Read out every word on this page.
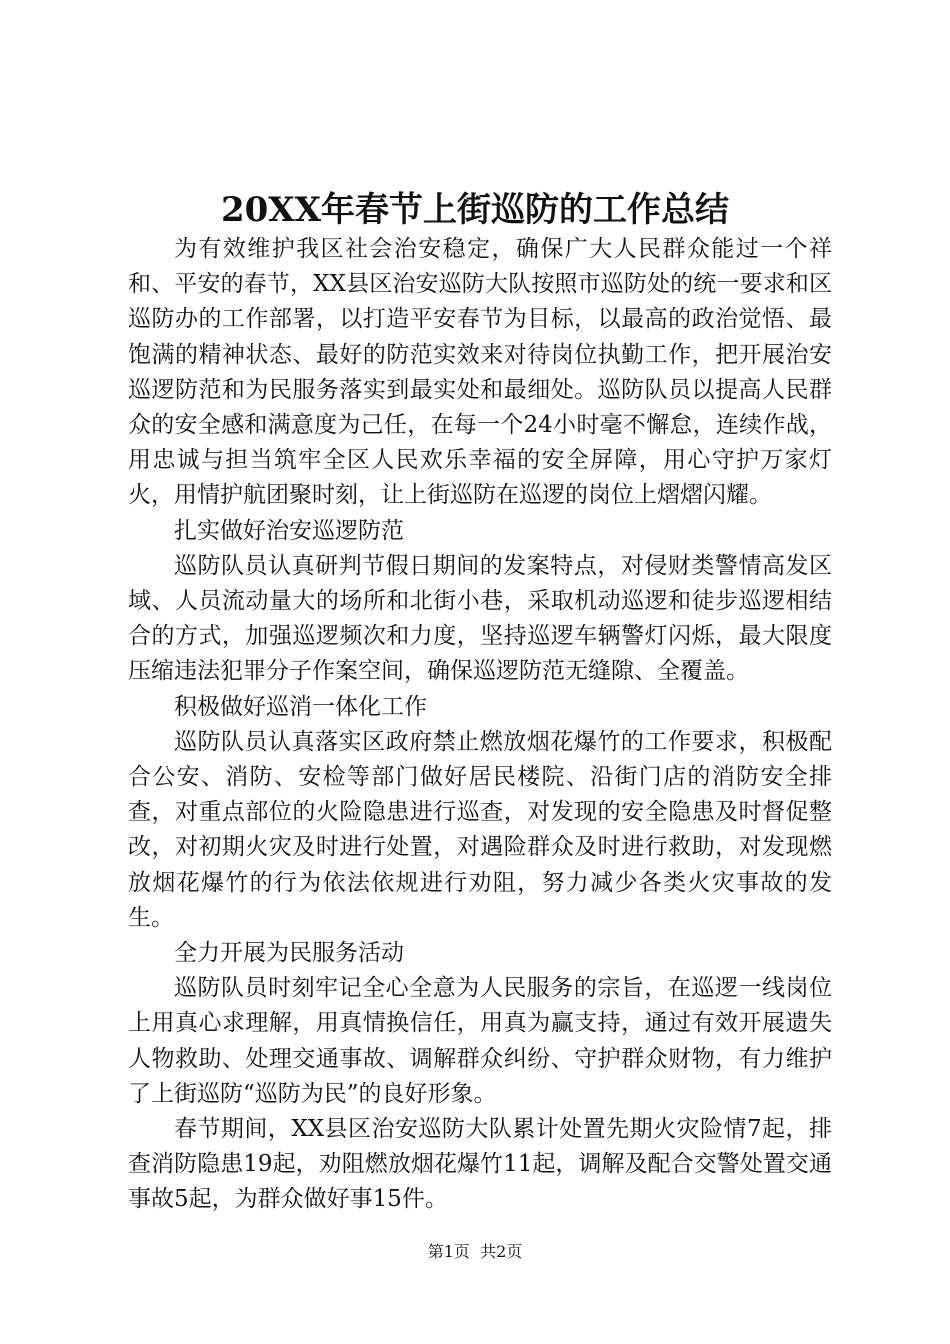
20XX年春节上街巡防的工作总结

为有效维护我区社会治安稳定，确保广大人民群众能过一个祥和、平安的春节，XX县区治安巡防大队按照市巡防处的统一要求和区巡防办的工作部署，以打造平安春节为目标，以最高的政治觉悟、最饱满的精神状态、最好的防范实效来对待岗位执勤工作，把开展治安巡逻防范和为民服务落实到最实处和最细处。巡防队员以提高人民群众的安全感和满意度为己任，在每一个24小时毫不懈怠，连续作战，用忠诚与担当筑牢全区人民欢乐幸福的安全屏障，用心守护万家灯火，用情护航团聚时刻，让上街巡防在巡逻的岗位上熠熠闪耀。

扎实做好治安巡逻防范

巡防队员认真研判节假日期间的发案特点，对侵财类警情高发区域、人员流动量大的场所和北街小巷，采取机动巡逻和徒步巡逻相结合的方式，加强巡逻频次和力度，坚持巡逻车辆警灯闪烁，最大限度压缩违法犯罪分子作案空间，确保巡逻防范无缝隙、全覆盖。

积极做好巡消一体化工作

巡防队员认真落实区政府禁止燃放烟花爆竹的工作要求，积极配合公安、消防、安检等部门做好居民楼院、沿街门店的消防安全排查，对重点部位的火险隐患进行巡查，对发现的安全隐患及时督促整改，对初期火灾及时进行处置，对遇险群众及时进行救助，对发现燃放烟花爆竹的行为依法依规进行劝阻，努力减少各类火灾事故的发生。

全力开展为民服务活动

巡防队员时刻牢记全心全意为人民服务的宗旨，在巡逻一线岗位上用真心求理解，用真情换信任，用真为赢支持，通过有效开展遗失人物救助、处理交通事故、调解群众纠纷、守护群众财物，有力维护了上街巡防“巡防为民”的良好形象。

春节期间，XX县区治安巡防大队累计处置先期火灾险情7起，排查消防隐患19起，劝阻燃放烟花爆竹11起，调解及配合交警处置交通事故5起，为群众做好事15件。

第1页  共2页
